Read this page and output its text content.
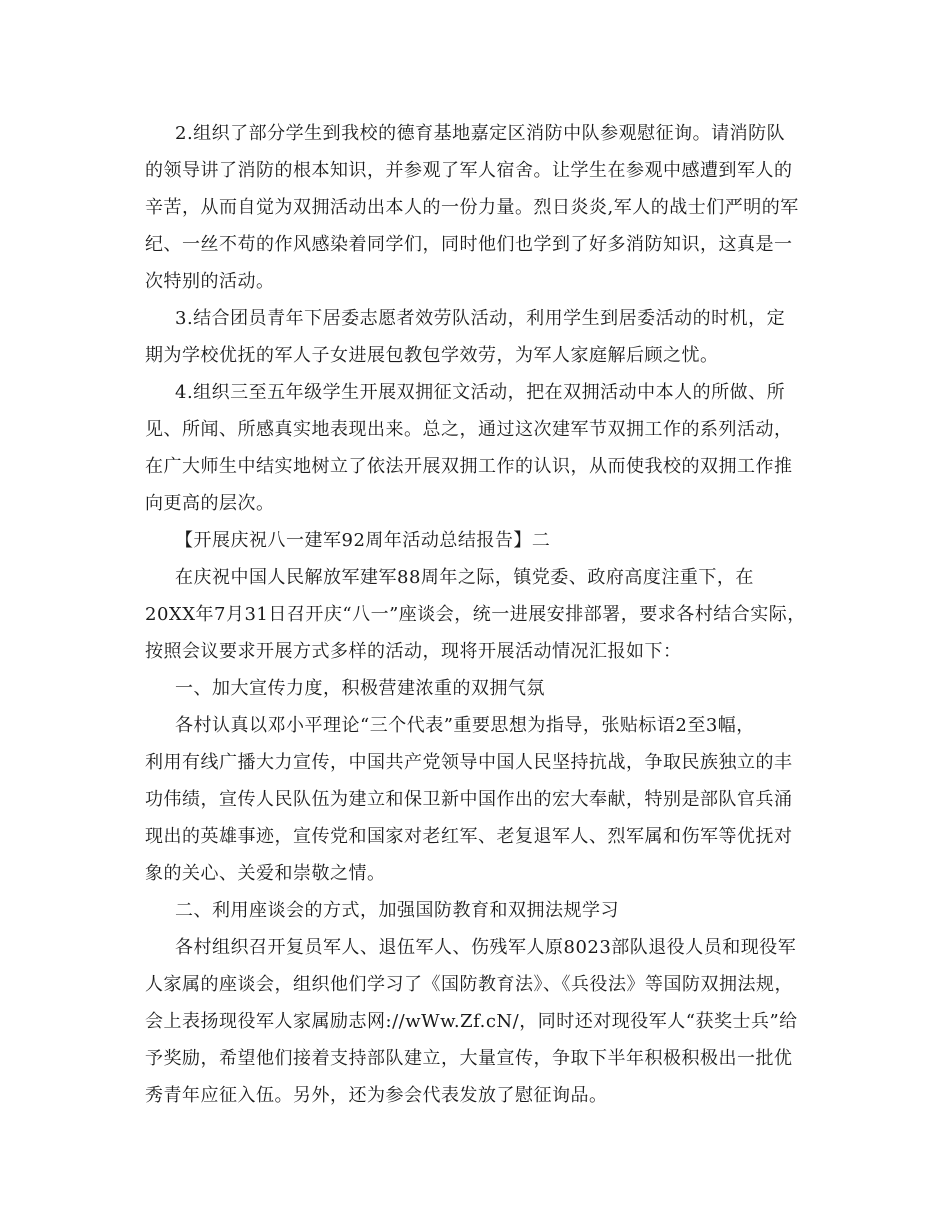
2.组织了部分学生到我校的德育基地嘉定区消防中队参观慰征询。请消防队
的领导讲了消防的根本知识，并参观了军人宿舍。让学生在参观中感遭到军人的
辛苦，从而自觉为双拥活动出本人的一份力量。烈日炎炎,军人的战士们严明的军
纪、一丝不苟的作风感染着同学们，同时他们也学到了好多消防知识，这真是一
次特别的活动。
3.结合团员青年下居委志愿者效劳队活动，利用学生到居委活动的时机，定
期为学校优抚的军人子女进展包教包学效劳，为军人家庭解后顾之忧。
4.组织三至五年级学生开展双拥征文活动，把在双拥活动中本人的所做、所
见、所闻、所感真实地表现出来。总之，通过这次建军节双拥工作的系列活动，
在广大师生中结实地树立了依法开展双拥工作的认识，从而使我校的双拥工作推
向更高的层次。
【开展庆祝八一建军92周年活动总结报告】二
在庆祝中国人民解放军建军88周年之际，镇党委、政府高度注重下，在
20XX年7月31日召开庆“八一”座谈会，统一进展安排部署，要求各村结合实际，
按照会议要求开展方式多样的活动，现将开展活动情况汇报如下：
一、加大宣传力度，积极营建浓重的双拥气氛
各村认真以邓小平理论“三个代表”重要思想为指导，张贴标语2至3幅，
利用有线广播大力宣传，中国共产党领导中国人民坚持抗战，争取民族独立的丰
功伟绩，宣传人民队伍为建立和保卫新中国作出的宏大奉献，特别是部队官兵涌
现出的英雄事迹，宣传党和国家对老红军、老复退军人、烈军属和伤军等优抚对
象的关心、关爱和崇敬之情。
二、利用座谈会的方式，加强国防教育和双拥法规学习
各村组织召开复员军人、退伍军人、伤残军人原8023部队退役人员和现役军
人家属的座谈会，组织他们学习了《国防教育法》、《兵役法》等国防双拥法规，
会上表扬现役军人家属励志网://wWw.Zf.cN/，同时还对现役军人“获奖士兵”给
予奖励，希望他们接着支持部队建立，大量宣传，争取下半年积极积极出一批优
秀青年应征入伍。另外，还为参会代表发放了慰征询品。
